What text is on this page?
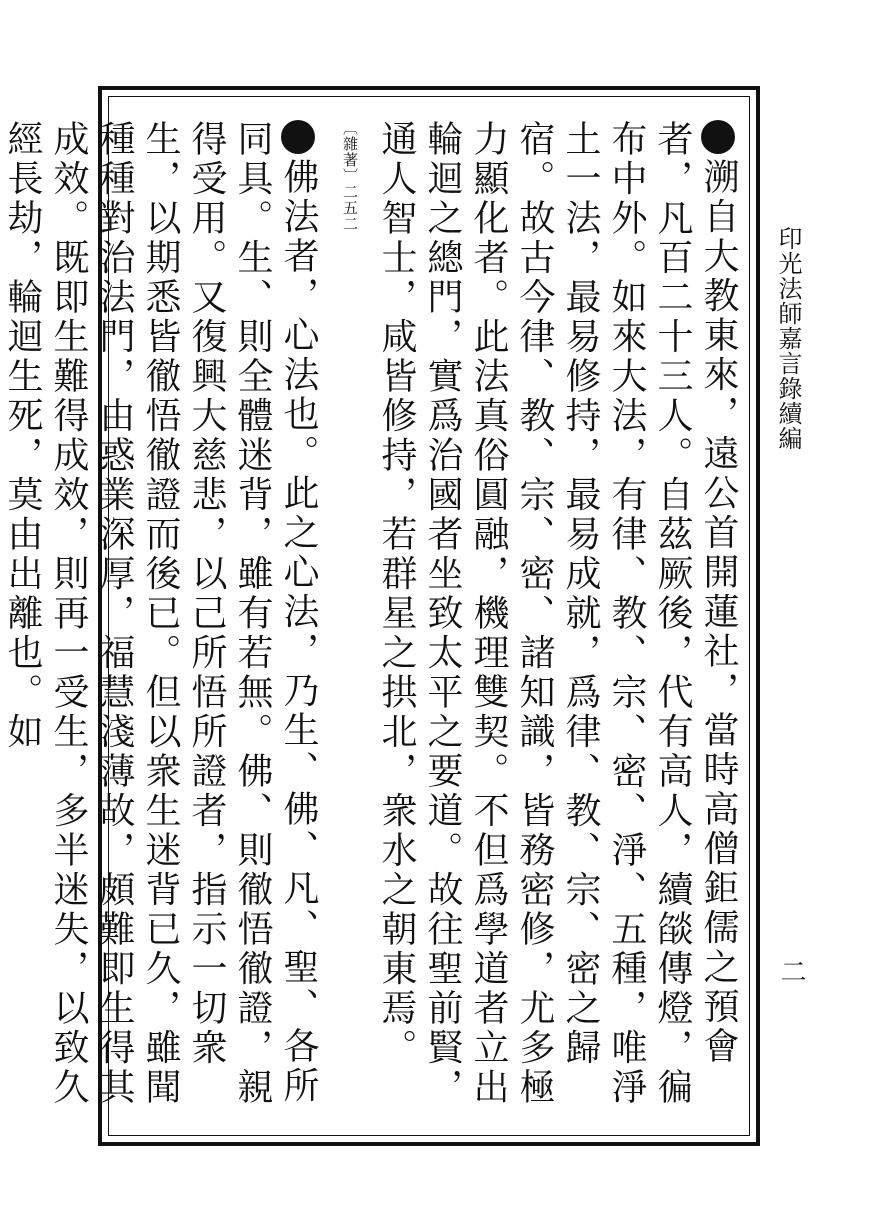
印光法師嘉言錄續編
二

溯自大教東來，遠公首開蓮社，當時高僧鉅儒之預會者，凡百二十三人。自茲厥後，代有高人，續燄傳燈，徧布中外。如來大法，有律、教、宗、密、淨、五種，唯淨土一法，最易修持，最易成就，爲律、教、宗、密之歸宿。故古今律、教、宗、密、諸知識，皆務密修，尤多極力顯化者。此法真俗圓融，機理雙契。不但爲學道者立出輪迴之總門，實爲治國者坐致太平之要道。故往聖前賢，通人智士，咸皆修持，若群星之拱北，衆水之朝東焉。

〔雜著〕二五二

佛法者，心法也。此之心法，乃生、佛、凡、聖、各所同具。生、則全體迷背，雖有若無。佛、則徹悟徹證，親得受用。又復興大慈悲，以己所悟所證者，指示一切衆生，以期悉皆徹悟徹證而後已。但以衆生迷背已久，雖聞種種對治法門，由惑業深厚，福慧淺薄故，頗難即生得其成效。既即生難得成效，則再一受生，多半迷失，以致久經長劫，輪迴生死，莫由出離也。如
